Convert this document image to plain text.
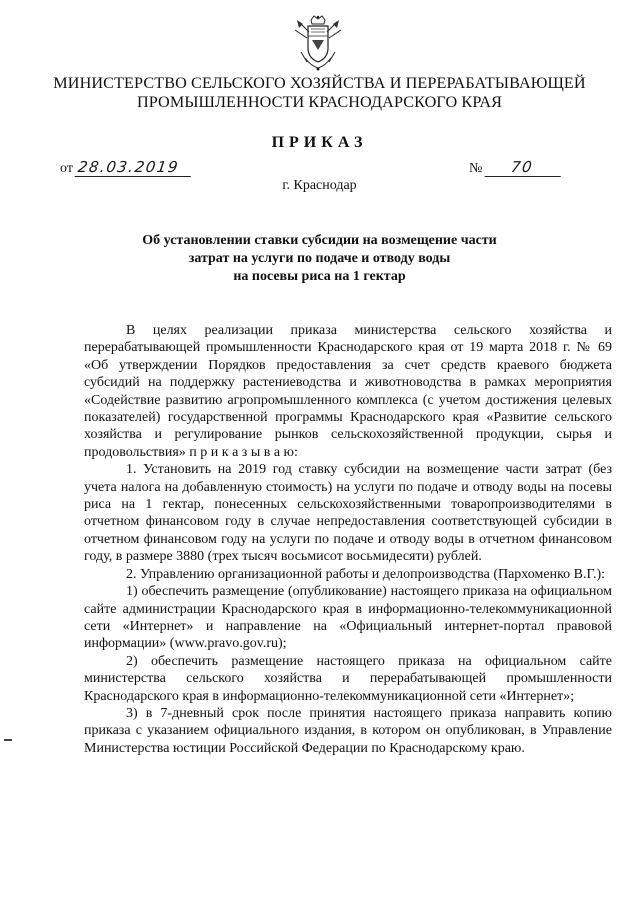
МИНИСТЕРСТВО СЕЛЬСКОГО ХОЗЯЙСТВА И ПЕРЕРАБАТЫВАЮЩЕЙ
ПРОМЫШЛЕННОСТИ КРАСНОДАРСКОГО КРАЯ
ПРИКАЗ
от 28.03.2019	№ 70
г. Краснодар
Об установлении ставки субсидии на возмещение части
затрат на услуги по подаче и отводу воды
на посевы риса на 1 гектар

В целях реализации приказа министерства сельского хозяйства и перерабатывающей промышленности Краснодарского края от 19 марта 2018 г. № 69 «Об утверждении Порядков предоставления за счет средств краевого бюджета субсидий на поддержку растениеводства и животноводства в рамках мероприятия «Содействие развитию агропромышленного комплекса (с учетом достижения целевых показателей) государственной программы Краснодарского края «Развитие сельского хозяйства и регулирование рынков сельскохозяйственной продукции, сырья и продовольствия» п р и к а з ы в а ю:

1. Установить на 2019 год ставку субсидии на возмещение части затрат (без учета налога на добавленную стоимость) на услуги по подаче и отводу воды на посевы риса на 1 гектар, понесенных сельскохозяйственными товаропроизводителями в отчетном финансовом году в случае непредоставления соответствующей субсидии в отчетном финансовом году на услуги по подаче и отводу воды в отчетном финансовом году, в размере 3880 (трех тысяч восьмисот восьмидесяти) рублей.

2. Управлению организационной работы и делопроизводства (Пархоменко В.Г.):

1) обеспечить размещение (опубликование) настоящего приказа на официальном сайте администрации Краснодарского края в информационно-телекоммуникационной сети «Интернет» и направление на «Официальный интернет-портал правовой информации» (www.pravo.gov.ru);

2) обеспечить размещение настоящего приказа на официальном сайте министерства сельского хозяйства и перерабатывающей промышленности Краснодарского края в информационно-телекоммуникационной сети «Интернет»;

3) в 7-дневный срок после принятия настоящего приказа направить копию приказа с указанием официального издания, в котором он опубликован, в Управление Министерства юстиции Российской Федерации по Краснодарскому краю.
